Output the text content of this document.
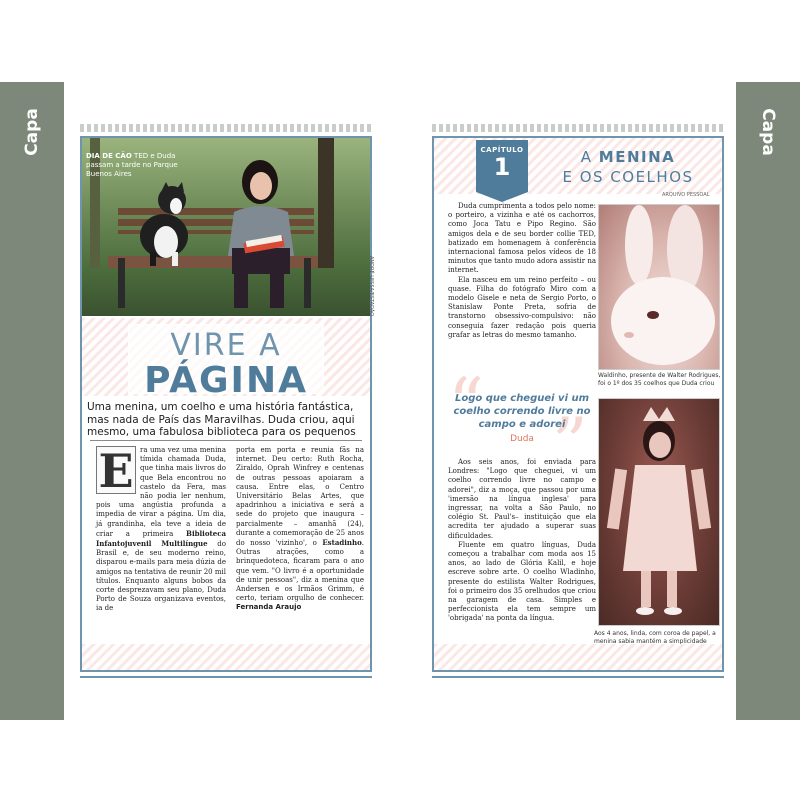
Capa	Capa
DIA DE CÃO TED e Duda passam a tarde no Parque Buenos Aires
VIRE A
PÁGINA

Uma menina, um coelho e uma história fantástica, mas nada de País das Maravilhas. Duda criou, aqui mesmo, uma fabulosa biblioteca para os pequenos

E ra uma vez uma menina tímida chamada Duda, que tinha mais livros do que Bela encontrou no castelo da Fera, mas não podia ler nenhum, pois uma angústia profunda a impedia de virar a página. Um dia, já grandinha, ela teve a ideia de criar a primeira Biblioteca Infantojuvenil Multilíngue do Brasil e, de seu moderno reino, disparou e-mails para meia dúzia de amigos na tentativa de reunir 20 mil títulos. Enquanto alguns bobos da corte desprezavam seu plano, Duda Porto de Souza organizava eventos, ia de
porta em porta e reunia fãs na internet. Deu certo: Ruth Rocha, Ziraldo, Oprah Winfrey e centenas de outras pessoas apoiaram a causa. Entre elas, o Centro Universitário Belas Artes, que apadrinhou a iniciativa e será a sede do projeto que inaugura – parcialmente – amanhã (24), durante a comemoração de 25 anos do nosso 'vizinho', o Estadinho. Outras atrações, como a brinquedoteca, ficaram para o ano que vem. "O livro é a oportunidade de unir pessoas", diz a menina que Andersen e os Irmãos Grimm, é certo, teriam orgulho de conhecer. Fernanda Araujo
ANDRÉ LESSA/ESTADÃO
CAPÍTULO
1	A MENINA
E OS COELHOS
ARQUIVO PESSOAL

Duda cumprimenta a todos pelo nome: o porteiro, a vizinha e até os cachorros, como Joca Tatu e Pipo Regino. São amigos dela e de seu border collie TED, batizado em homenagem à conferência internacional famosa pelos vídeos de 18 minutos que tanto mudo adora assistir na internet.

Ela nasceu em um reino perfeito – ou quase. Filha do fotógrafo Miro com a modelo Gisele e neta de Sergio Porto, o Stanislaw Ponte Preta, sofria de transtorno obsessivo-compulsivo: não conseguia fazer redação pois queria grafar as letras do mesmo tamanho.

“ ”
Logo que cheguei vi um coelho correndo livre no campo e adorei
Duda

Aos seis anos, foi enviada para Londres: "Logo que cheguei, vi um coelho correndo livre no campo e adorei", diz a moça, que passou por uma 'imersão na língua inglesa' para ingressar, na volta a São Paulo, no colégio St. Paul's– instituição que ela acredita ter ajudado a superar suas dificuldades.

Fluente em quatro línguas, Duda começou a trabalhar com moda aos 15 anos, ao lado de Glória Kalil, e hoje escreve sobre arte. O coelho Wladinho, presente do estilista Walter Rodrigues, foi o primeiro dos 35 orelhudos que criou na garagem de casa. Simples e perfeccionista ela tem sempre um 'obrigada' na ponta da língua.

Waldinho, presente de Walter Rodrigues, foi o 1º dos 35 coelhos que Duda criou
Aos 4 anos, linda, com coroa de papel, a menina sabia mantém a simplicidade
